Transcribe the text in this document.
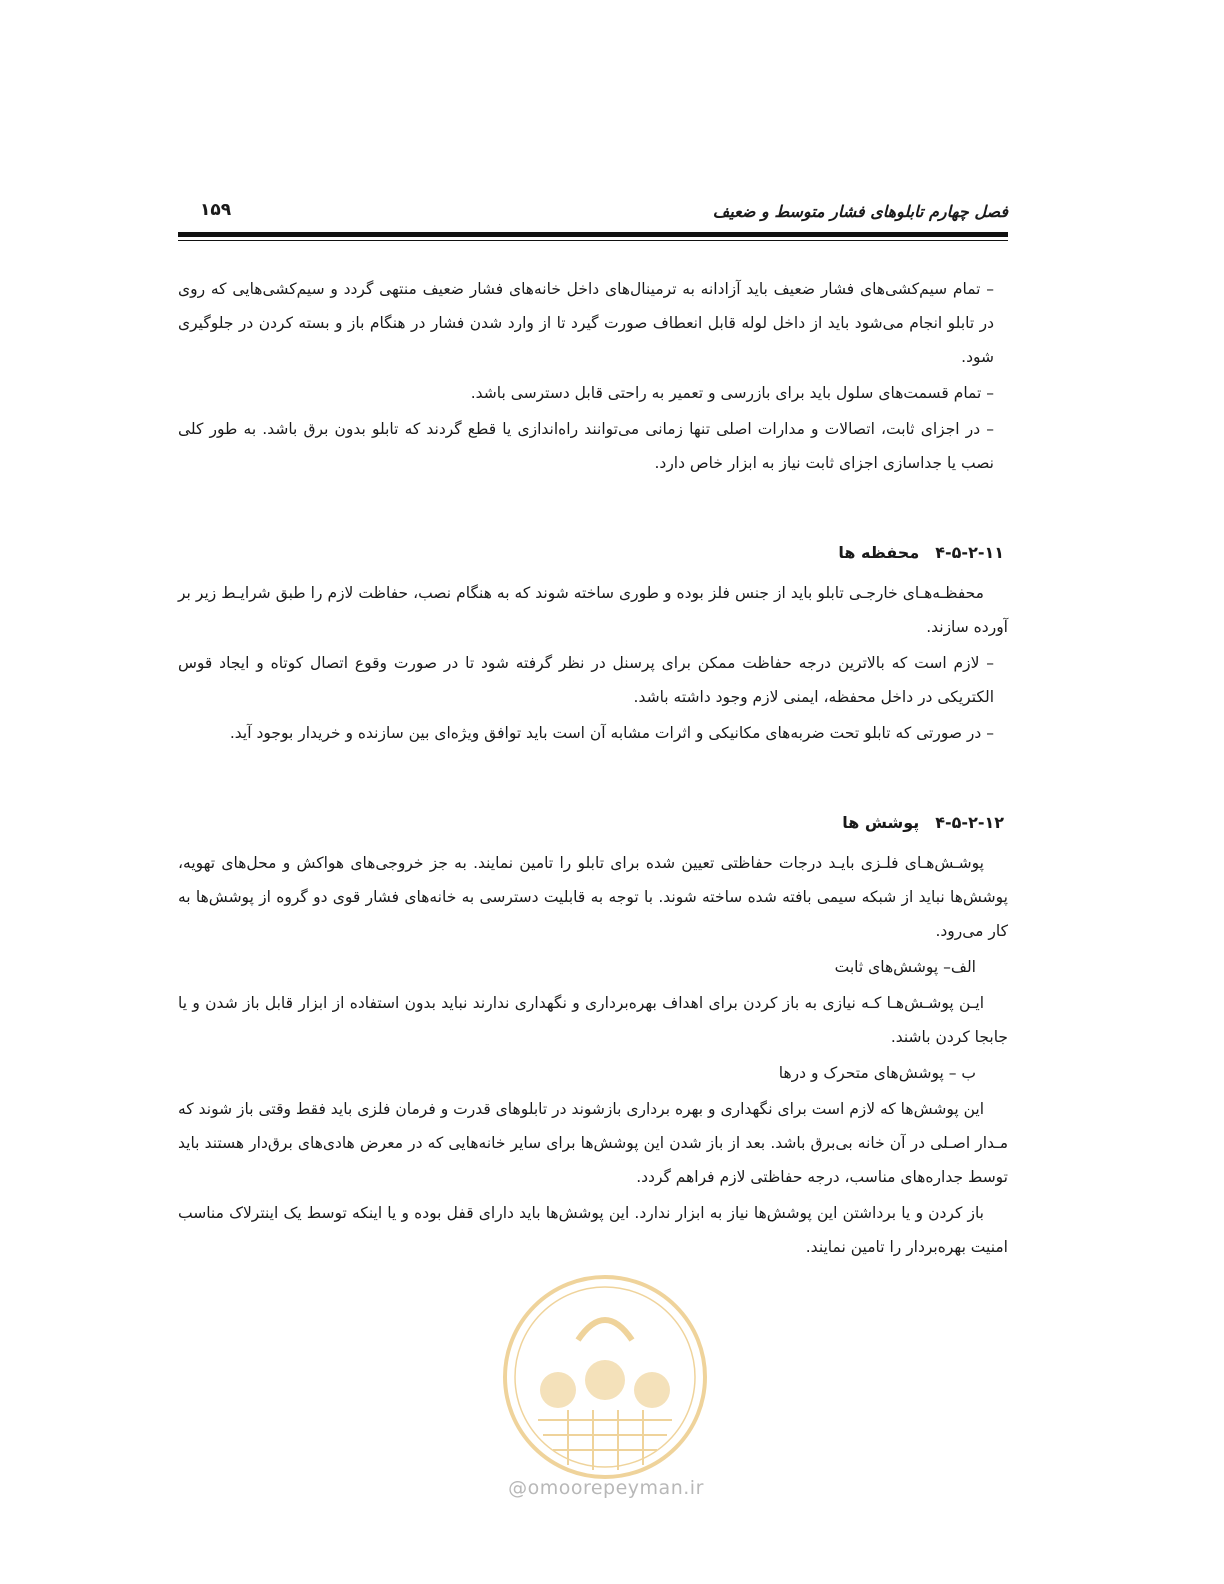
فصل چهارم تابلوهای فشار متوسط و ضعیف
۱۵۹

– تمام سیم‌کشی‌های فشار ضعیف باید آزادانه به ترمینال‌های داخل خانه‌های فشار ضعیف منتهی گردد و سیم‌کشی‌هایی که روی در تابلو انجام می‌شود باید از داخل لوله قابل انعطاف صورت گیرد تا از وارد شدن فشار در هنگام باز و بسته کردن در جلوگیری شود.

– تمام قسمت‌های سلول باید برای بازرسی و تعمیر به راحتی قابل دسترسی باشد.

– در اجزای ثابت، اتصالات و مدارات اصلی تنها زمانی می‌توانند راه‌اندازی یا قطع گردند که تابلو بدون برق باشد. به طور کلی نصب یا جداسازی اجزای ثابت نیاز به ابزار خاص دارد.

۴-۵-۲-۱۱محفظه ها

محفظـه‌هـای خارجـی تابلو باید از جنس فلز بوده و طوری ساخته شوند که به هنگام نصب، حفاظت لازم را طبق شرایـط زیر بر آورده سازند.

– لازم است که بالاترین درجه حفاظت ممکن برای پرسنل در نظر گرفته شود تا در صورت وقوع اتصال کوتاه و ایجاد قوس الکتریکی در داخل محفظه، ایمنی لازم وجود داشته باشد.

– در صورتی که تابلو تحت ضربه‌های مکانیکی و اثرات مشابه آن است باید توافق ویژه‌ای بین سازنده و خریدار بوجود آید.

۴-۵-۲-۱۲پوشش ها

پوشـش‌هـای فلـزی بایـد درجات حفاظتی تعیین شده برای تابلو را تامین نمایند. به جز خروجی‌های هواکش و محل‌های تهویه، پوشش‌ها نباید از شبکه سیمی بافته شده ساخته شوند. با توجه به قابلیت دسترسی به خانه‌های فشار قوی دو گروه از پوشش‌ها به کار می‌رود.

الف– پوشش‌های ثابت

ایـن پوشـش‌هـا کـه نیازی به باز کردن برای اهداف بهره‌برداری و نگهداری ندارند نباید بدون استفاده از ابزار قابل باز شدن و یا جابجا کردن باشند.

ب – پوشش‌های متحرک و درها

این پوشش‌ها که لازم است برای نگهداری و بهره برداری بازشوند در تابلوهای قدرت و فرمان فلزی باید فقط وقتی باز شوند که مـدار اصـلی در آن خانه بی‌برق باشد. بعد از باز شدن این پوشش‌ها برای سایر خانه‌هایی که در معرض هادی‌های برق‌دار هستند باید توسط جداره‌های مناسب، درجه حفاظتی لازم فراهم گردد.

باز کردن و یا برداشتن این پوشش‌ها نیاز به ابزار ندارد. این پوشش‌ها باید دارای قفل بوده و یا اینکه توسط یک اینترلاک مناسب امنیت بهره‌بردار را تامین نمایند.

@omoorepeyman.ir
